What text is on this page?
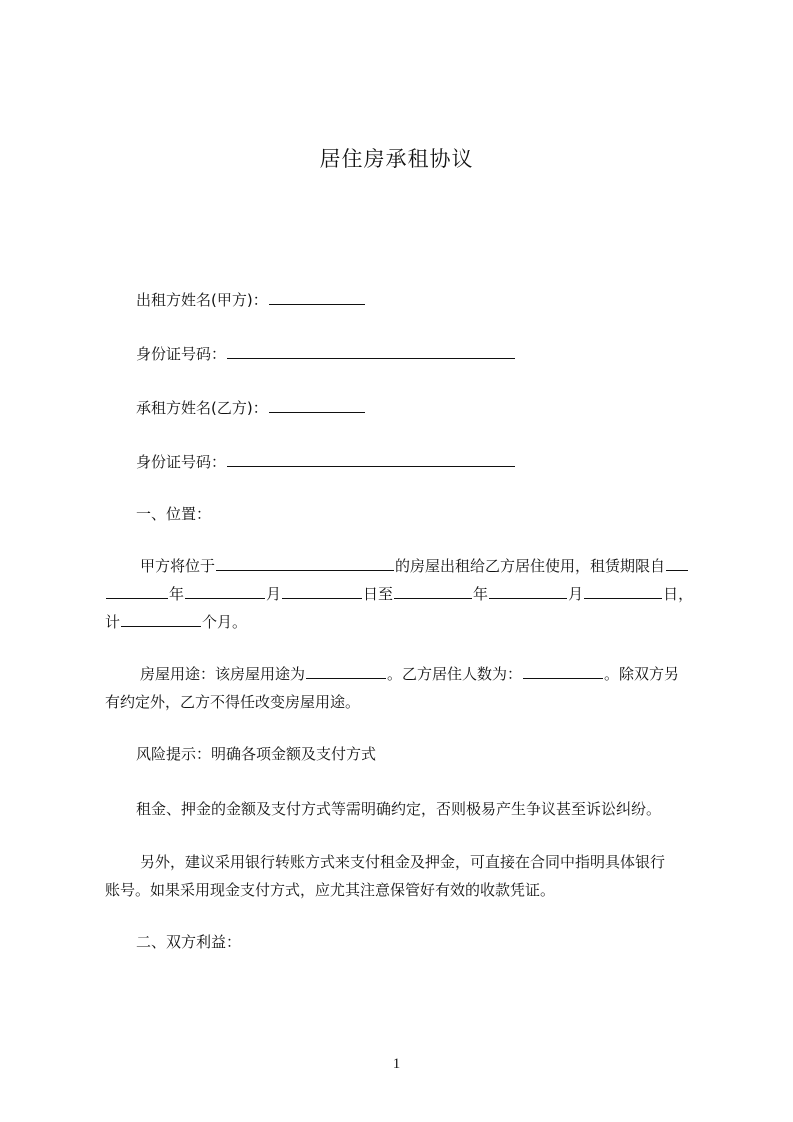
居住房承租协议
出租方姓名(甲方)：
身份证号码：
承租方姓名(乙方)：
身份证号码：
一、位置：
甲方将位于	的房屋出租给乙方居住使用，租赁期限自
年	月	日至	年	月	日，
计	个月。
房屋用途：该房屋用途为	。乙方居住人数为：	。除双方另
有约定外，乙方不得任改变房屋用途。
风险提示：明确各项金额及支付方式
租金、押金的金额及支付方式等需明确约定，否则极易产生争议甚至诉讼纠纷。
另外，建议采用银行转账方式来支付租金及押金，可直接在合同中指明具体银行
账号。如果采用现金支付方式，应尤其注意保管好有效的收款凭证。
二、双方利益：
1
